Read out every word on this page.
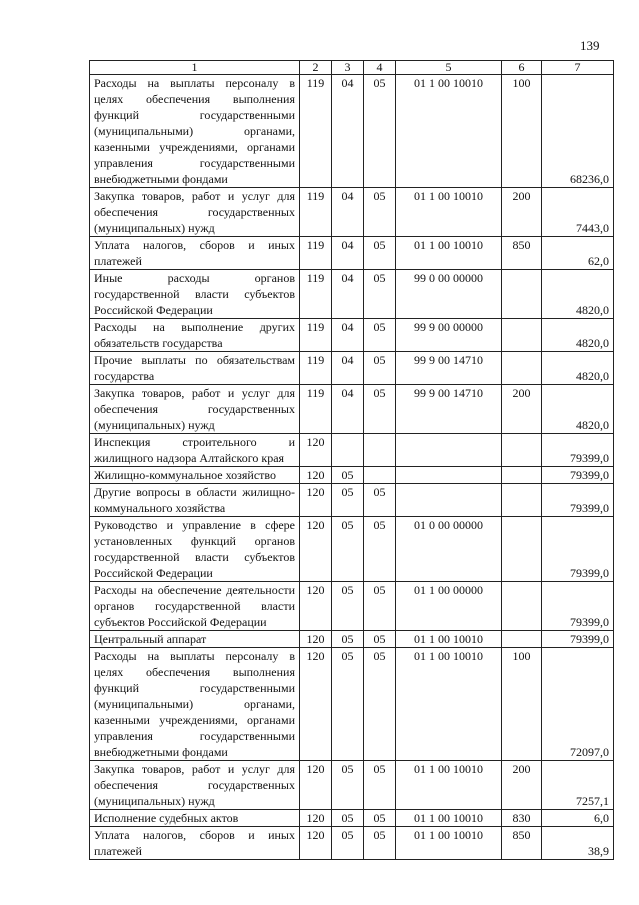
139
1	2	3	4	5	6	7
Расходы на выплаты персоналу в целях обеспечения выполнения функций государственными (муниципальными) органами, казенными учреждениями, органами управления государственными внебюджетными фондами	119	04	05	01 1 00 10010	100	68236,0
Закупка товаров, работ и услуг для обеспечения государственных (муниципальных) нужд	119	04	05	01 1 00 10010	200	7443,0
Уплата налогов, сборов и иных платежей	119	04	05	01 1 00 10010	850	62,0
Иные расходы органов государственной власти субъектов Российской Федерации	119	04	05	99 0 00 00000		4820,0
Расходы на выполнение других обязательств государства	119	04	05	99 9 00 00000		4820,0
Прочие выплаты по обязательствам государства	119	04	05	99 9 00 14710		4820,0
Закупка товаров, работ и услуг для обеспечения государственных (муниципальных) нужд	119	04	05	99 9 00 14710	200	4820,0
Инспекция строительного и жилищного надзора Алтайского края	120					79399,0
Жилищно-коммунальное хозяйство	120	05				79399,0
Другие вопросы в области жилищно-коммунального хозяйства	120	05	05			79399,0
Руководство и управление в сфере установленных функций органов государственной власти субъектов Российской Федерации	120	05	05	01 0 00 00000		79399,0
Расходы на обеспечение деятельности органов государственной власти субъектов Российской Федерации	120	05	05	01 1 00 00000		79399,0
Центральный аппарат	120	05	05	01 1 00 10010		79399,0
Расходы на выплаты персоналу в целях обеспечения выполнения функций государственными (муниципальными) органами, казенными учреждениями, органами управления государственными внебюджетными фондами	120	05	05	01 1 00 10010	100	72097,0
Закупка товаров, работ и услуг для обеспечения государственных (муниципальных) нужд	120	05	05	01 1 00 10010	200	7257,1
Исполнение судебных актов	120	05	05	01 1 00 10010	830	6,0
Уплата налогов, сборов и иных платежей	120	05	05	01 1 00 10010	850	38,9
